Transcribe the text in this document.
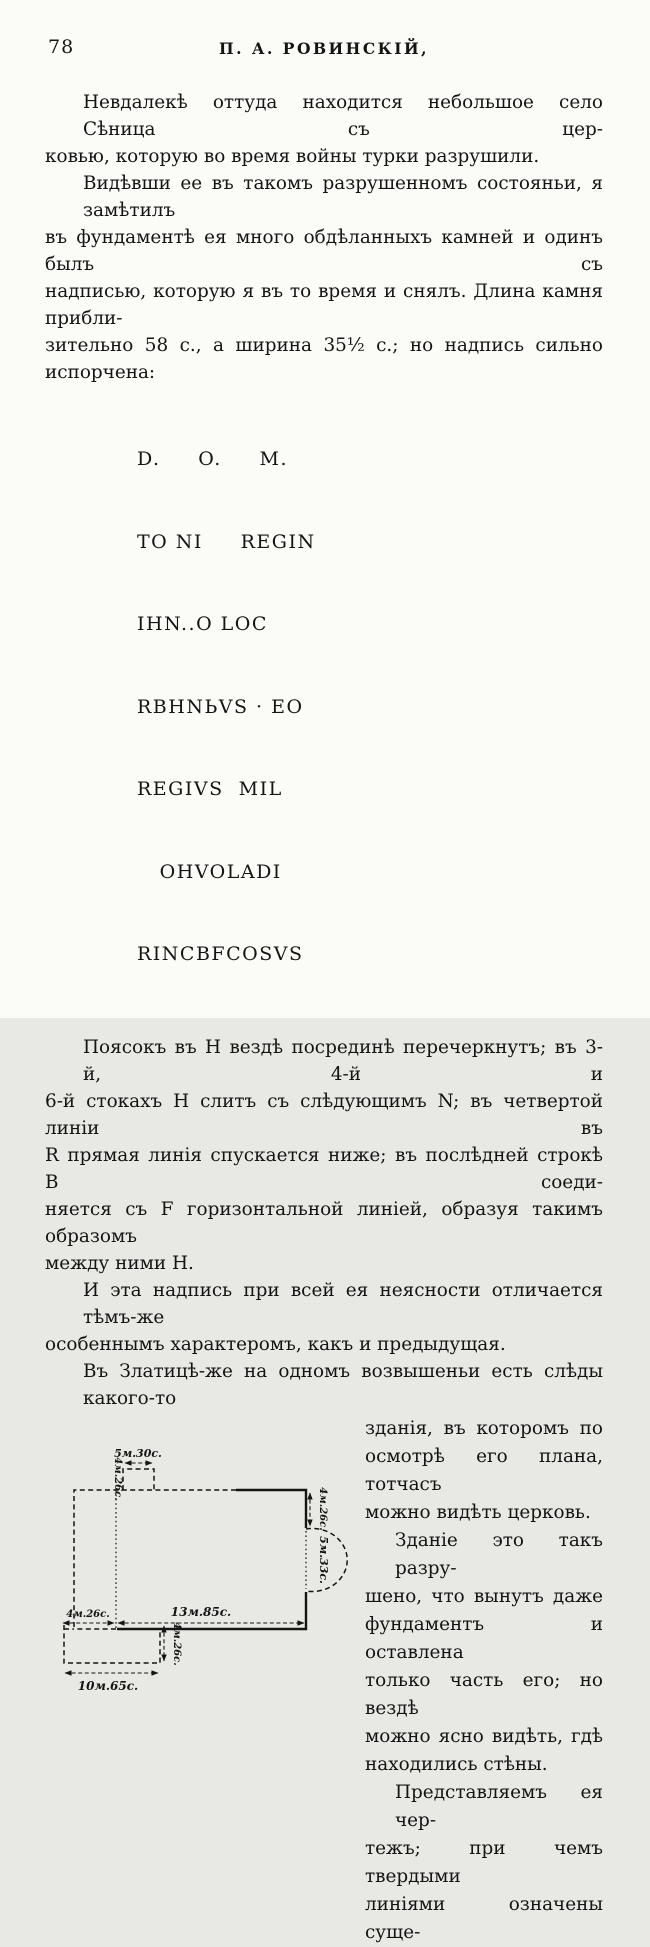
78	П. А. РОВИНСКІЙ,
Невдалекѣ оттуда находится небольшое село Сѣница съ цер-
ковью, которую во время войны турки разрушили.
Видѣвши ее въ такомъ разрушенномъ состояньи, я замѣтилъ
въ фундаментѣ ея много обдѣланныхъ камней и одинъ былъ съ
надписью, которую я въ то время и снялъ. Длина камня прибли-
зительно 58 с., а ширина 35½ с.; но надпись сильно испорчена:

D.     O.     M.

TO NI     REGIN

IHN..O LOC

RBHNЬVS · EO

REGIVS  MIL

OHVOLADI

RINCBFCOSVS

Поясокъ въ Н вездѣ посрединѣ перечеркнутъ; въ 3-й, 4-й и
6-й стокахъ Н слитъ съ слѣдующимъ N; въ четвертой линіи въ
R прямая линія спускается ниже; въ послѣдней строкѣ В соеди-
няется съ F горизонтальной линіей, образуя такимъ образомъ
между ними Н.
И эта надпись при всей ея неясности отличается тѣмъ-же
особеннымъ характеромъ, какъ и предыдущая.
Въ Златицѣ-же на одномъ возвышеньи есть слѣды какого-то
5м.30с.
4м.26с.
4м.26с.
5м.33с.
4м.26с.	13м.85с.
4м.26с.
10м.65с.
зданія, въ которомъ по
осмотрѣ его плана, тотчасъ
можно видѣть церковь.
Зданіе это такъ разру-
шено, что вынутъ даже
фундаментъ и оставлена
только часть его; но вездѣ
можно ясно видѣть, гдѣ
находились стѣны.
Представляемъ ея чер-
тежъ; при чемъ твердыми
линіями означены суще-
